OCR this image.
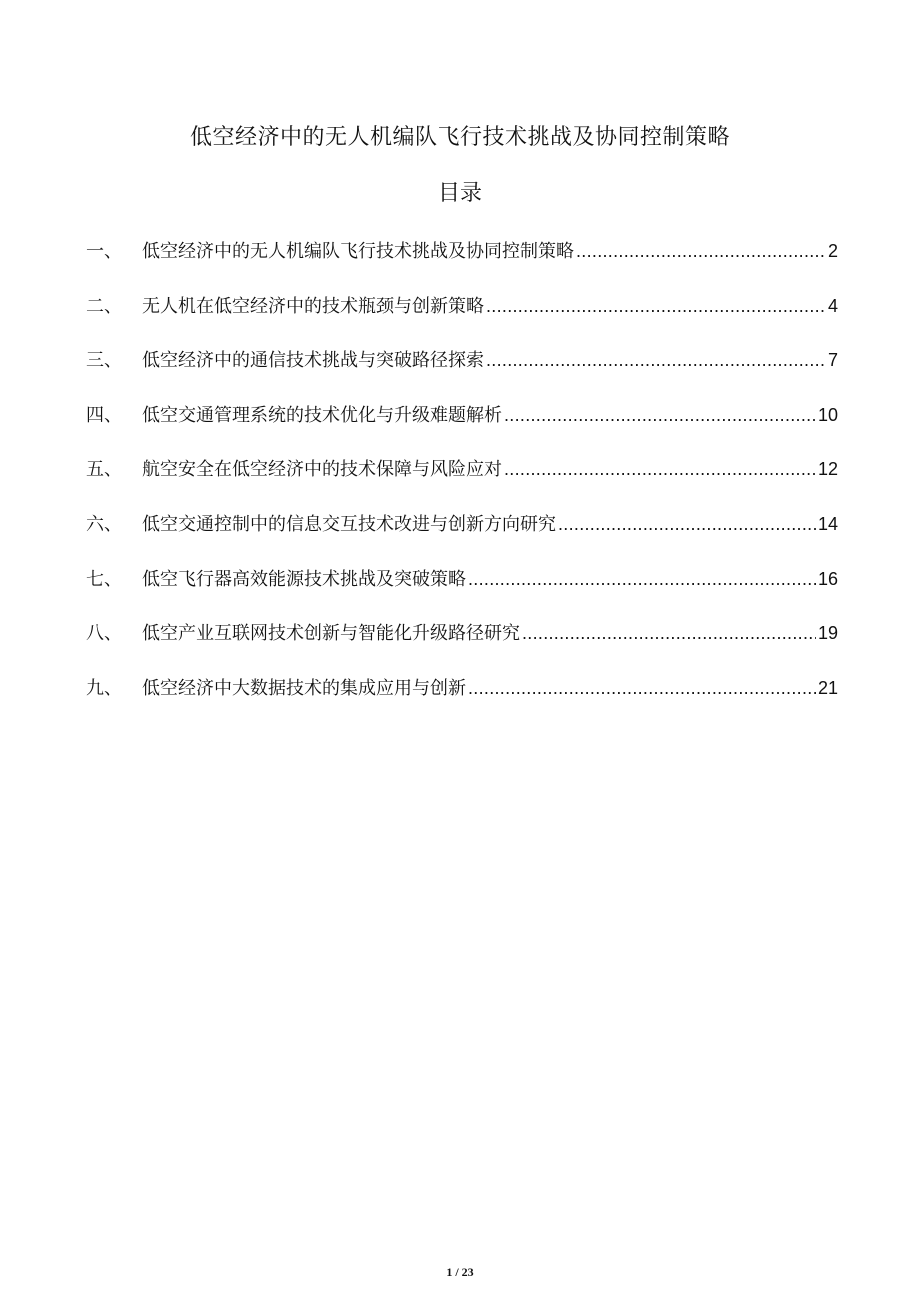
低空经济中的无人机编队飞行技术挑战及协同控制策略
目录
一、	低空经济中的无人机编队飞行技术挑战及协同控制策略 .....	2
二、	无人机在低空经济中的技术瓶颈与创新策略 .....	4
三、	低空经济中的通信技术挑战与突破路径探索 .....	7
四、	低空交通管理系统的技术优化与升级难题解析 .....	10
五、	航空安全在低空经济中的技术保障与风险应对 .....	12
六、	低空交通控制中的信息交互技术改进与创新方向研究 .....	14
七、	低空飞行器高效能源技术挑战及突破策略 .....	16
八、	低空产业互联网技术创新与智能化升级路径研究 .....	19
九、	低空经济中大数据技术的集成应用与创新 .....	21
1 / 23
